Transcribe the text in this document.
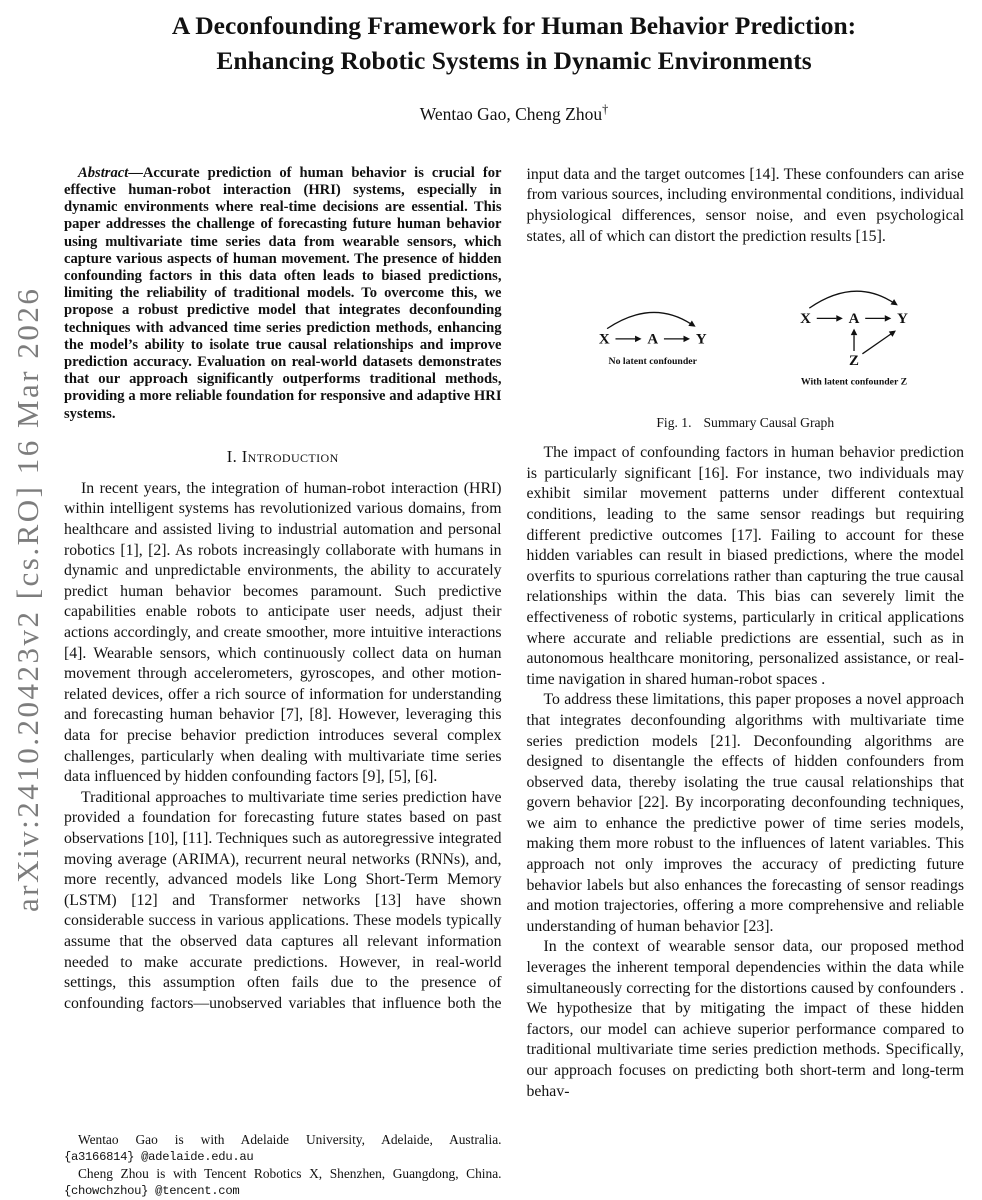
arXiv:2410.20423v2 [cs.RO] 16 Mar 2026
A Deconfounding Framework for Human Behavior Prediction:
Enhancing Robotic Systems in Dynamic Environments
Wentao Gao, Cheng Zhou†

Abstract—Accurate prediction of human behavior is crucial for effective human-robot interaction (HRI) systems, especially in dynamic environments where real-time decisions are essential. This paper addresses the challenge of forecasting future human behavior using multivariate time series data from wearable sensors, which capture various aspects of human movement. The presence of hidden confounding factors in this data often leads to biased predictions, limiting the reliability of traditional models. To overcome this, we propose a robust predictive model that integrates deconfounding techniques with advanced time series prediction methods, enhancing the model’s ability to isolate true causal relationships and improve prediction accuracy. Evaluation on real-world datasets demonstrates that our approach significantly outperforms traditional methods, providing a more reliable foundation for responsive and adaptive HRI systems.

I. Introduction

In recent years, the integration of human-robot interaction (HRI) within intelligent systems has revolutionized various domains, from healthcare and assisted living to industrial automation and personal robotics [1], [2]. As robots increasingly collaborate with humans in dynamic and unpredictable environments, the ability to accurately predict human behavior becomes paramount. Such predictive capabilities enable robots to anticipate user needs, adjust their actions accordingly, and create smoother, more intuitive interactions [4]. Wearable sensors, which continuously collect data on human movement through accelerometers, gyroscopes, and other motion-related devices, offer a rich source of information for understanding and forecasting human behavior [7], [8]. However, leveraging this data for precise behavior prediction introduces several complex challenges, particularly when dealing with multivariate time series data influenced by hidden confounding factors [9], [5], [6].

Traditional approaches to multivariate time series prediction have provided a foundation for forecasting future states based on past observations [10], [11]. Techniques such as autoregressive integrated moving average (ARIMA), recurrent neural networks (RNNs), and, more recently, advanced models like Long Short-Term Memory (LSTM) [12] and Transformer networks [13] have shown considerable success in various applications. These models typically assume that the observed data captures all relevant information needed to make accurate predictions. However, in real-world settings, this assumption often fails due to the presence of confounding factors—unobserved variables that influence both the

Wentao Gao is with Adelaide University, Adelaide, Australia. {a3166814} @adelaide.edu.au

Cheng Zhou is with Tencent Robotics X, Shenzhen, Guangdong, China. {chowchzhou} @tencent.com

input data and the target outcomes [14]. These confounders can arise from various sources, including environmental conditions, individual physiological differences, sensor noise, and even psychological states, all of which can distort the prediction results [15].

X A Y
No latent confounder
X A Y
Z
With latent confounder Z
Fig. 1. Summary Causal Graph

The impact of confounding factors in human behavior prediction is particularly significant [16]. For instance, two individuals may exhibit similar movement patterns under different contextual conditions, leading to the same sensor readings but requiring different predictive outcomes [17]. Failing to account for these hidden variables can result in biased predictions, where the model overfits to spurious correlations rather than capturing the true causal relationships within the data. This bias can severely limit the effectiveness of robotic systems, particularly in critical applications where accurate and reliable predictions are essential, such as in autonomous healthcare monitoring, personalized assistance, or real-time navigation in shared human-robot spaces .

To address these limitations, this paper proposes a novel approach that integrates deconfounding algorithms with multivariate time series prediction models [21]. Deconfounding algorithms are designed to disentangle the effects of hidden confounders from observed data, thereby isolating the true causal relationships that govern behavior [22]. By incorporating deconfounding techniques, we aim to enhance the predictive power of time series models, making them more robust to the influences of latent variables. This approach not only improves the accuracy of predicting future behavior labels but also enhances the forecasting of sensor readings and motion trajectories, offering a more comprehensive and reliable understanding of human behavior [23].

In the context of wearable sensor data, our proposed method leverages the inherent temporal dependencies within the data while simultaneously correcting for the distortions caused by confounders . We hypothesize that by mitigating the impact of these hidden factors, our model can achieve superior performance compared to traditional multivariate time series prediction methods. Specifically, our approach focuses on predicting both short-term and long-term behav-
